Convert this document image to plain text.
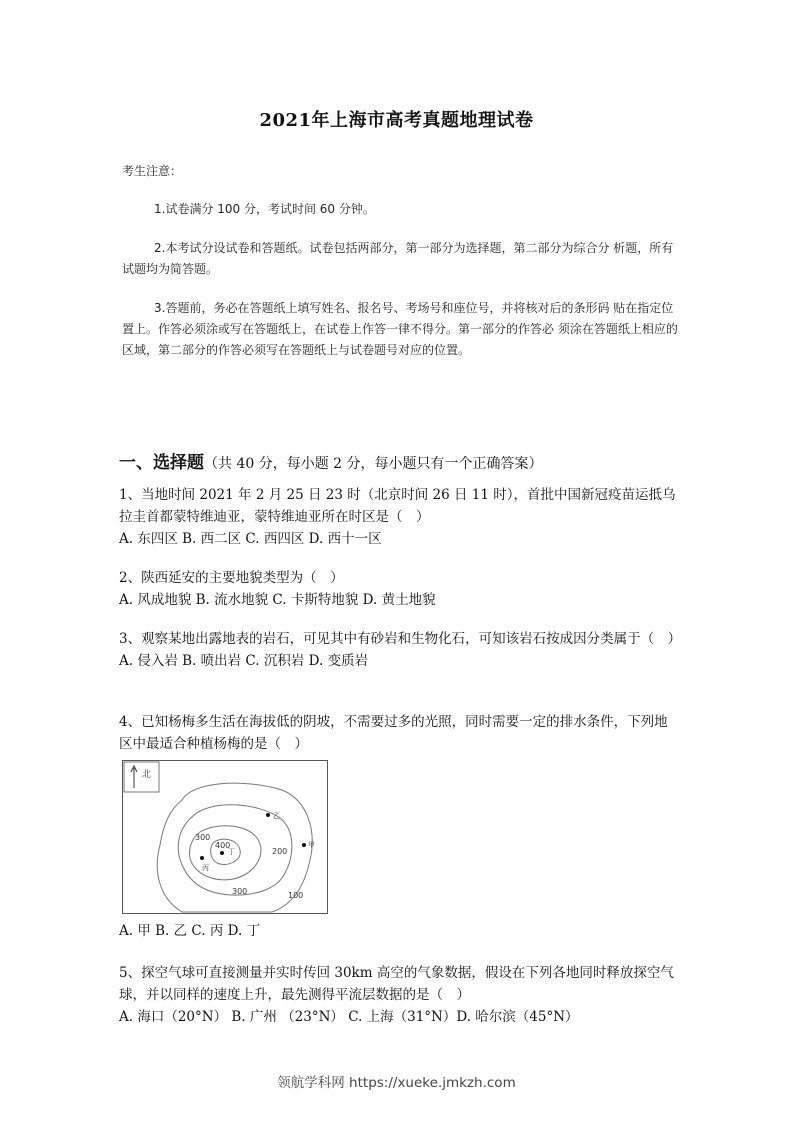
2021年上海市高考真题地理试卷
考生注意：
1.试卷满分 100 分，考试时间 60 分钟。
2.本考试分设试卷和答题纸。试卷包括两部分，第一部分为选择题，第二部分为综合分 析题，所有试题均为简答题。
3.答题前，务必在答题纸上填写姓名、报名号、考场号和座位号，并将核对后的条形码 贴在指定位置上。作答必须涂或写在答题纸上，在试卷上作答一律不得分。第一部分的作答必 须涂在答题纸上相应的区域，第二部分的作答必须写在答题纸上与试卷题号对应的位置。
一、选择题（共 40 分，每小题 2 分，每小题只有一个正确答案）
1、当地时间 2021 年 2 月 25 日 23 时（北京时间 26 日 11 时），首批中国新冠疫苗运抵乌拉圭首都蒙特维迪亚，蒙特维迪亚所在时区是（　）
A. 东四区 B. 西二区 C. 西四区 D. 西十一区
2、陕西延安的主要地貌类型为（　）
A. 风成地貌 B. 流水地貌 C. 卡斯特地貌 D. 黄土地貌
3、观察某地出露地表的岩石，可见其中有砂岩和生物化石，可知该岩石按成因分类属于（　）
A. 侵入岩 B. 喷出岩 C. 沉积岩 D. 变质岩
4、已知杨梅多生活在海拔低的阴坡，不需要过多的光照，同时需要一定的排水条件，下列地区中最适合种植杨梅的是（　）
北
300
400
200
300	100
乙
甲
丙
丁
A. 甲 B. 乙 C. 丙 D. 丁
5、探空气球可直接测量并实时传回 30km 高空的气象数据，假设在下列各地同时释放探空气球，并以同样的速度上升，最先测得平流层数据的是（　）
A. 海口（20°N） B. 广州 （23°N） C. 上海（31°N）D. 哈尔滨（45°N）
领航学科网 https://xueke.jmkzh.com
